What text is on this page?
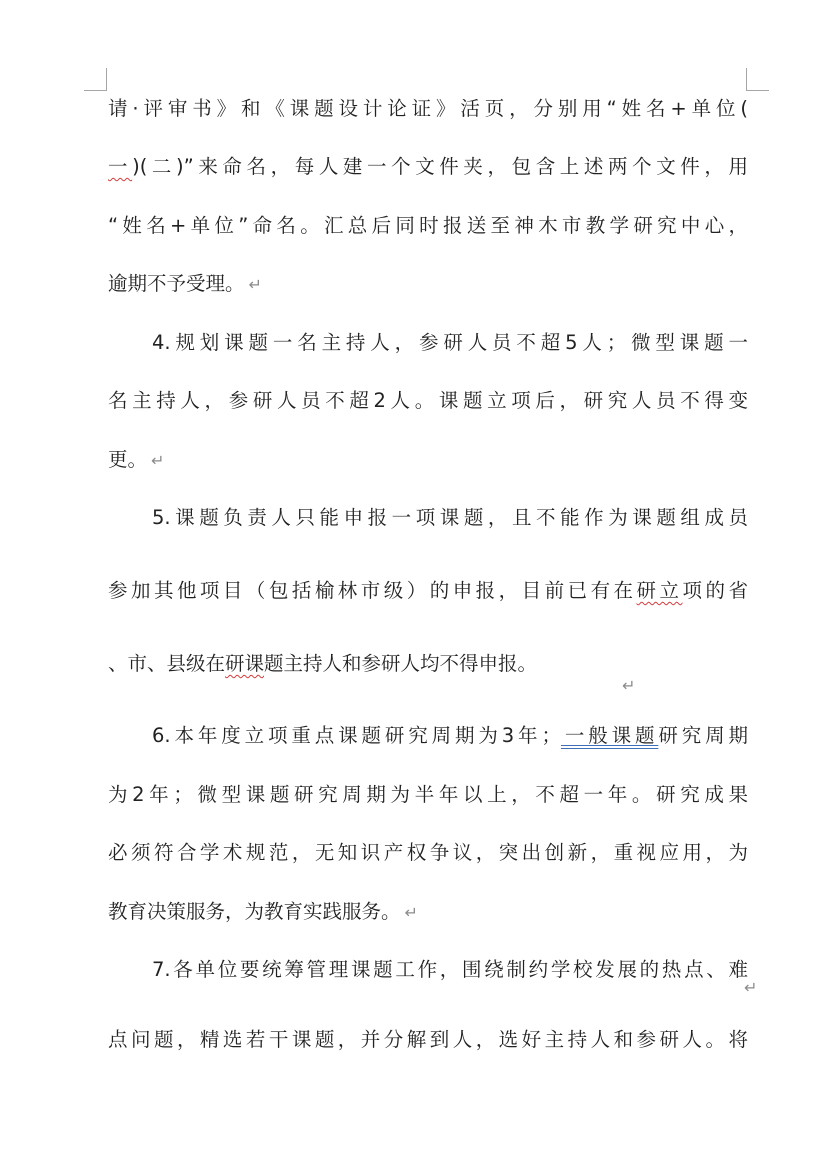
请·评审书》和《课题设计论证》活页，分别用“姓名+单位(
一)(二)”来命名，每人建一个文件夹，包含上述两个文件，用
“姓名+单位”命名。汇总后同时报送至神木市教学研究中心，
逾期不予受理。 ↵
4.规划课题一名主持人，参研人员不超5人；微型课题一
名主持人，参研人员不超2人。课题立项后，研究人员不得变
更。 ↵
5.课题负责人只能申报一项课题，且不能作为课题组成员
参加其他项目（包括榆林市级）的申报，目前已有在研立项的省
、市、县级在研课题主持人和参研人均不得申报。
↵
6.本年度立项重点课题研究周期为3年；一般课题研究周期
为2年；微型课题研究周期为半年以上，不超一年。研究成果
必须符合学术规范，无知识产权争议，突出创新，重视应用，为
教育决策服务，为教育实践服务。 ↵
7.各单位要统筹管理课题工作，围绕制约学校发展的热点、难
↵
点问题，精选若干课题，并分解到人，选好主持人和参研人。将
